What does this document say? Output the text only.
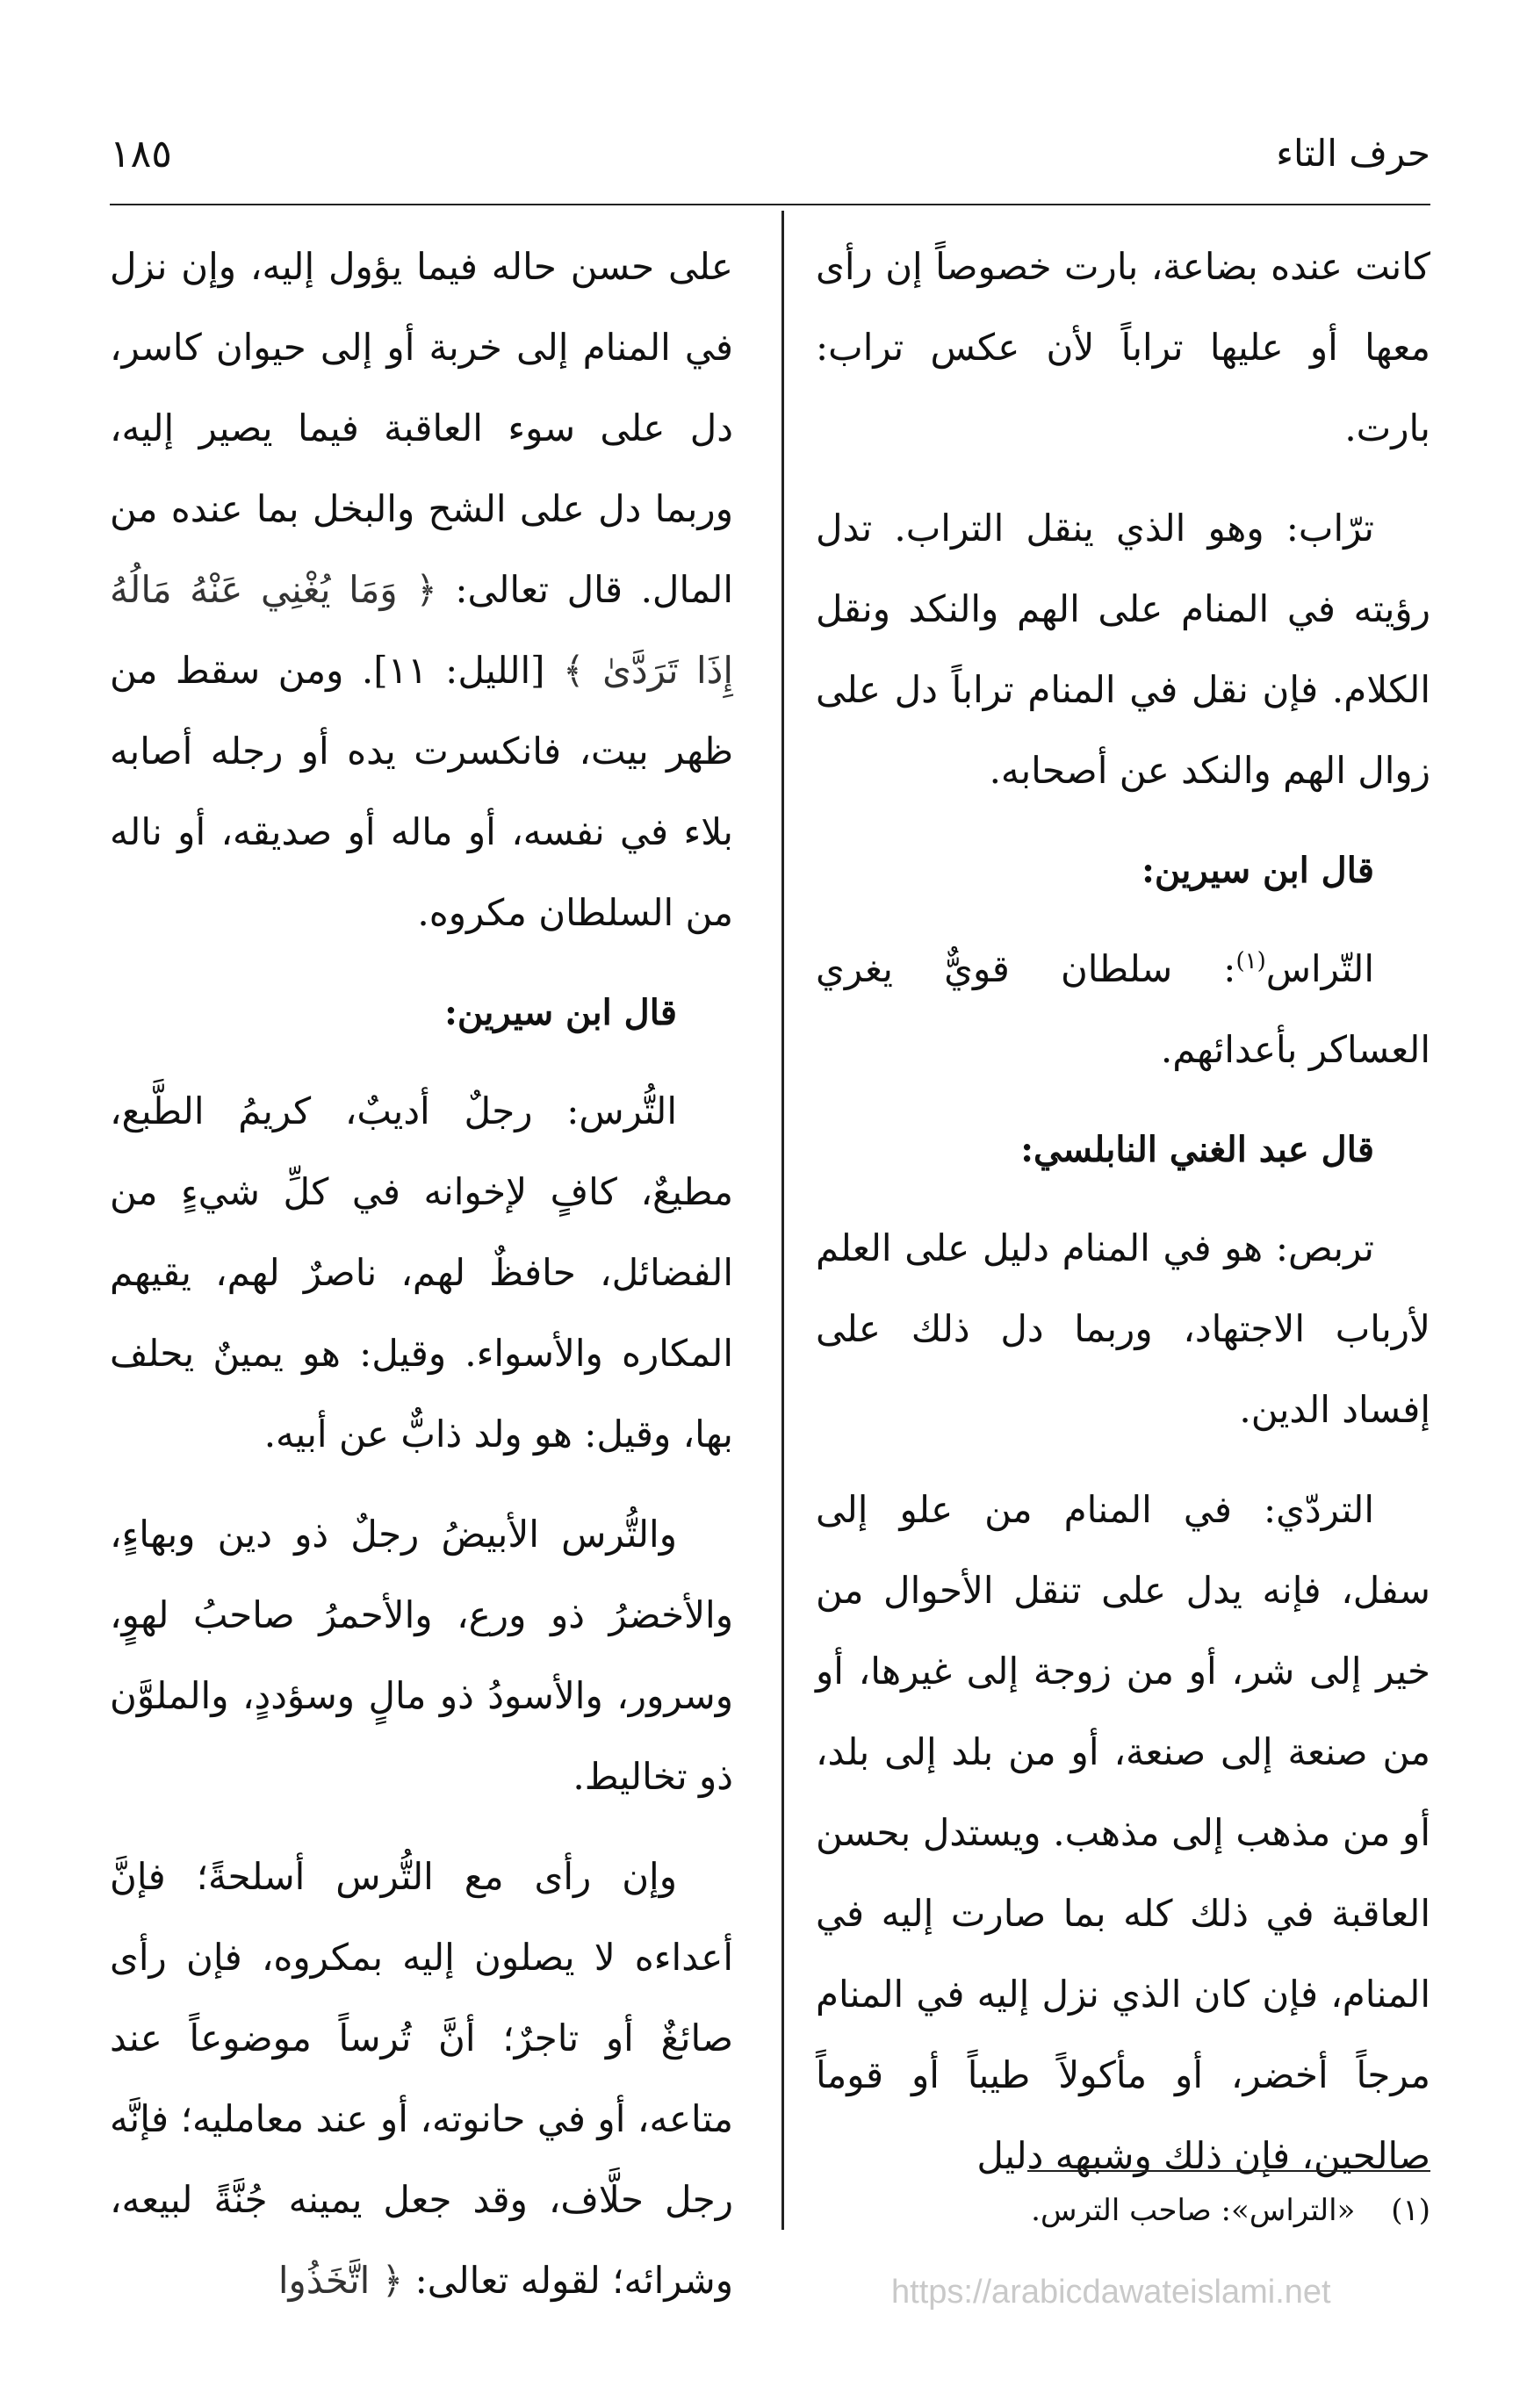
١٨٥	حرف التاء

كانت عنده بضاعة، بارت خصوصاً إن رأى معها أو عليها تراباً لأن عكس تراب: بارت.

ترّاب: وهو الذي ينقل التراب. تدل رؤيته في المنام على الهم والنكد ونقل الكلام. فإن نقل في المنام تراباً دل على زوال الهم والنكد عن أصحابه.

قال ابن سيرين:

التّراس$^{(١)}$: سلطان قويٌّ يغري العساكر بأعدائهم.

قال عبد الغني النابلسي:

تربص: هو في المنام دليل على العلم لأرباب الاجتهاد، وربما دل ذلك على إفساد الدين.

التردّي: في المنام من علو إلى سفل، فإنه يدل على تنقل الأحوال من خير إلى شر، أو من زوجة إلى غيرها، أو من صنعة إلى صنعة، أو من بلد إلى بلد، أو من مذهب إلى مذهب. ويستدل بحسن العاقبة في ذلك كله بما صارت إليه في المنام، فإن كان الذي نزل إليه في المنام مرجاً أخضر، أو مأكولاً طيباً أو قوماً صالحين، فإن ذلك وشبهه دليل

على حسن حاله فيما يؤول إليه، وإن نزل في المنام إلى خربة أو إلى حيوان كاسر، دل على سوء العاقبة فيما يصير إليه، وربما دل على الشح والبخل بما عنده من المال. قال تعالى: ﴿ وَمَا يُغْنِي عَنْهُ مَالُهُ إِذَا تَرَدَّىٰ ﴾ [الليل: ١١]. ومن سقط من ظهر بيت، فانكسرت يده أو رجله أصابه بلاء في نفسه، أو ماله أو صديقه، أو ناله من السلطان مكروه.

قال ابن سيرين:

التُّرس: رجلٌ أديبٌ، كريمُ الطَّبع، مطيعٌ، كافٍ لإخوانه في كلِّ شيءٍ من الفضائل، حافظٌ لهم، ناصرٌ لهم، يقيهم المكاره والأسواء. وقيل: هو يمينٌ يحلف بها، وقيل: هو ولد ذابٌّ عن أبيه.

والتُّرس الأبيضُ رجلٌ ذو دين وبهاءٍ، والأخضرُ ذو ورع، والأحمرُ صاحبُ لهوٍ، وسرور، والأسودُ ذو مالٍ وسؤددٍ، والملوَّن ذو تخاليط.

وإن رأى مع التُّرس أسلحةً؛ فإنَّ أعداءه لا يصلون إليه بمكروه، فإن رأى صائغٌ أو تاجرٌ؛ أنَّ تُرساً موضوعاً عند متاعه، أو في حانوته، أو عند معامليه؛ فإنَّه رجل حلَّاف، وقد جعل يمينه جُنَّةً لبيعه، وشرائه؛ لقوله تعالى: ﴿ اتَّخَذُوا

(١) «التراس»: صاحب الترس.
https://arabicdawateislami.net
